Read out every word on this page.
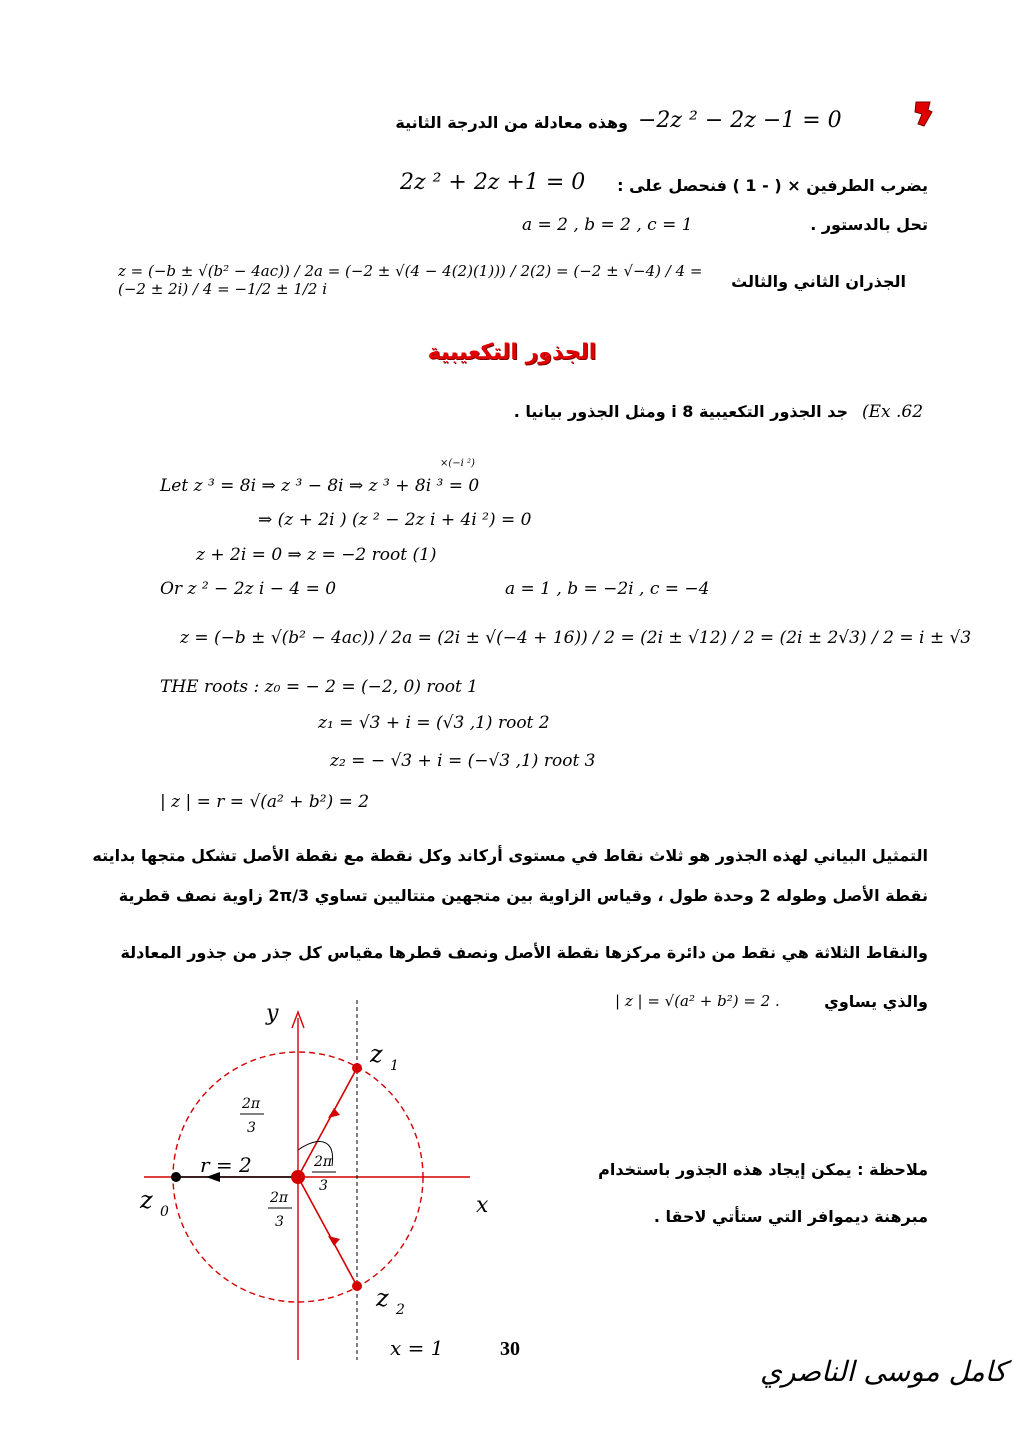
وهذه معادلة من الدرجة الثانية −2z ² − 2z −1 = 0
يضرب الطرفين × ( - 1 ) فنحصل على :
2z ² + 2z +1 = 0
تحل بالدستور .
a = 2 , b = 2 , c = 1
الجذران الثاني والثالث
z = (−b ± √(b² − 4ac)) / 2a = (−2 ± √(4 − 4(2)(1))) / 2(2) = (−2 ± √−4) / 4 = (−2 ± 2i) / 4 = −1/2 ± 1/2 i
الجذور التكعيبية
(Ex .62
جد الجذور التكعيبية 8 i ومثل الجذور بيانيا .
×(−i ²)
Let z ³ = 8i ⇒ z ³ − 8i ⇒ z ³ + 8i ³ = 0
⇒ (z + 2i ) (z ² − 2z i + 4i ²) = 0
z + 2i = 0 ⇒ z = −2 root (1)
Or z ² − 2z i − 4 = 0	a = 1 , b = −2i , c = −4
z = (−b ± √(b² − 4ac)) / 2a = (2i ± √(−4 + 16)) / 2 = (2i ± √12) / 2 = (2i ± 2√3) / 2 = i ± √3
THE roots : z₀ = − 2 = (−2, 0) root 1
z₁ = √3 + i = (√3 ,1) root 2
z₂ = − √3 + i = (−√3 ,1) root 3
| z | = r = √(a² + b²) = 2
التمثيل البياني لهذه الجذور هو ثلاث نقاط في مستوى أركاند وكل نقطة مع نقطة الأصل تشكل متجها بدايته
نقطة الأصل وطوله 2 وحدة طول ، وقياس الزاوية بين متجهين متتاليين تساوي 2π/3 زاوية نصف قطرية
والنقاط الثلاثة هي نقط من دائرة مركزها نقطة الأصل ونصف قطرها مقياس كل جذر من جذور المعادلة
والذي يساوي
| z | = √(a² + b²) = 2 .
ملاحظة : يمكن إيجاد هذه الجذور باستخدام
مبرهنة ديموافر التي ستأتي لاحقا .
y
x
z 1
z 2
z 0
r = 2
x = 1
2π
3
2π
3
2π
3
30
كامل موسى الناصري
